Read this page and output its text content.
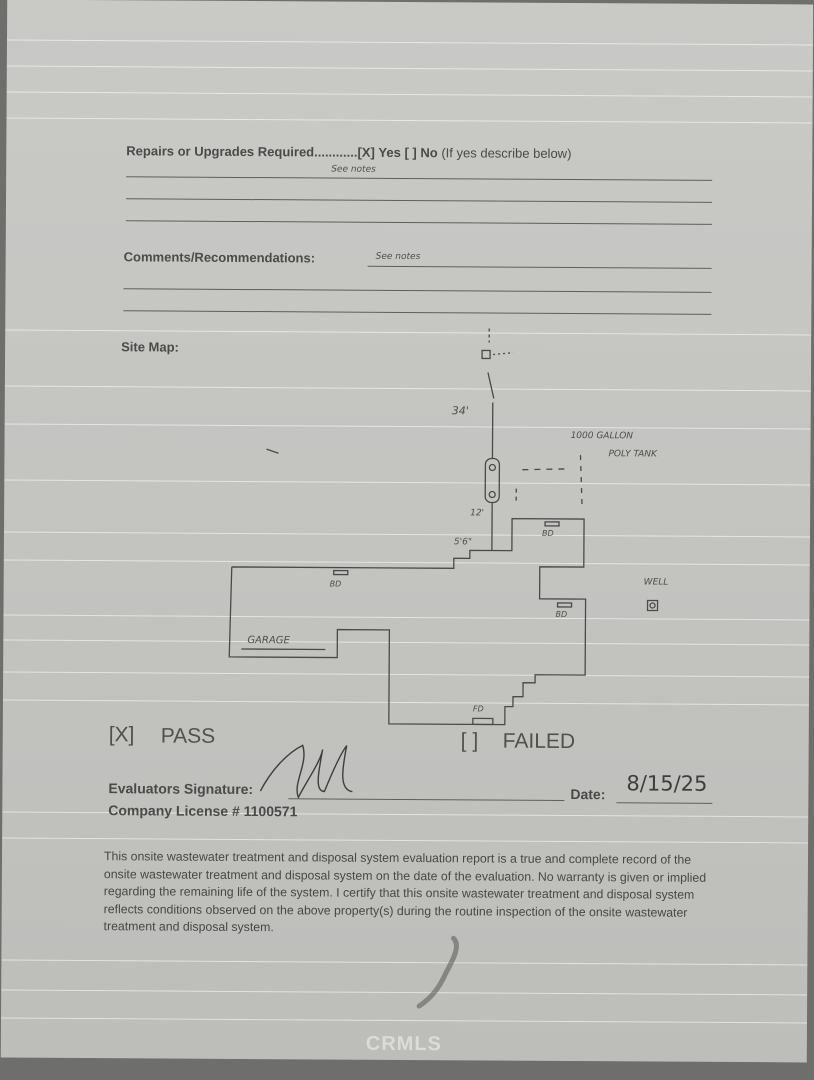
Repairs or Upgrades Required............[X] Yes [ ] No (If yes describe below)
See notes
Comments/Recommendations:	See notes
Site Map:
34'
1000 GALLON
POLY TANK
12'
5'6"
BD
BD
BD
WELL
GARAGE
FD
[X] PASS	[ ] FAILED
Evaluators Signature:	Date: 8/15/25
Company License # 1100571
This onsite wastewater treatment and disposal system evaluation report is a true and complete record of the onsite wastewater treatment and disposal system on the date of the evaluation. No warranty is given or implied regarding the remaining life of the system. I certify that this onsite wastewater treatment and disposal system reflects conditions observed on the above property(s) during the routine inspection of the onsite wastewater treatment and disposal system.
CRMLS
